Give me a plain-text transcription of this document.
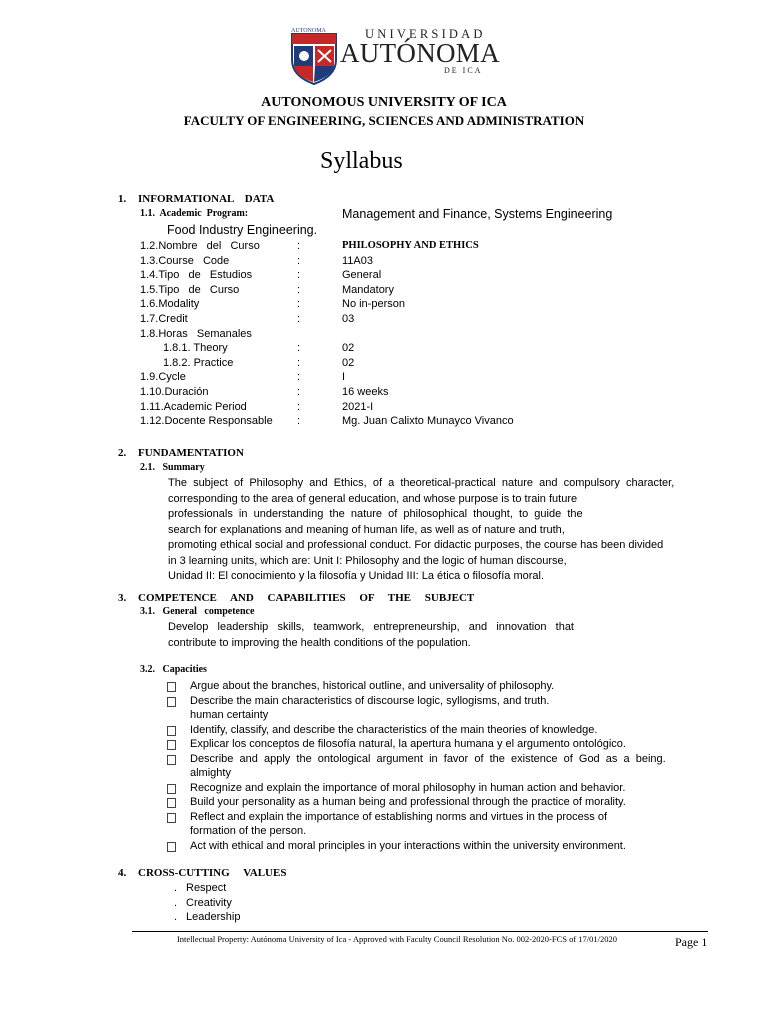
AUTONOMA	UNIVERSIDAD
AUTÓNOMA
DE ICA
AUTONOMOUS UNIVERSITY OF ICA
FACULTY OF ENGINEERING, SCIENCES AND ADMINISTRATION
Syllabus
1. INFORMATIONAL    DATA
1.1.  Academic  Program:	Management and Finance, Systems Engineering
Food Industry Engineering.
1.2.Nombre   del   Curso	:	PHILOSOPHY AND ETHICS
1.3.Course   Code	:	11A03
1.4.Tipo   de   Estudios	:	General
1.5.Tipo   de   Curso	:	Mandatory
1.6.Modality	:	No in-person
1.7.Credit	:	03
1.8.Horas   Semanales
1.8.1. Theory	:	02
1.8.2. Practice	:	02
1.9.Cycle	:	I
1.10.Duración	:	16 weeks
1.11.Academic Period	:	2021-I
1.12.Docente Responsable :	Mg. Juan Calixto Munayco Vivanco
2. FUNDAMENTATION
2.1.   Summary
The  subject  of  Philosophy  and  Ethics,  of  a  theoretical-practical  nature  and  compulsory  character,
corresponding to the area of general education, and whose purpose is to train future
professionals  in  understanding  the  nature  of  philosophical  thought,  to  guide  the
search for explanations and meaning of human life, as well as of nature and truth,
promoting ethical social and professional conduct. For didactic purposes, the course has been divided
in 3 learning units, which are: Unit I: Philosophy and the logic of human discourse,
Unidad II: El conocimiento y la filosofía y Unidad III: La ética o filosofía moral.
3. COMPETENCE     AND     CAPABILITIES     OF     THE     SUBJECT
3.1.   General   competence
Develop   leadership   skills,   teamwork,   entrepreneurship,   and   innovation   that
contribute to improving the health conditions of the population.
3.2.   Capacities
Argue about the branches, historical outline, and universality of philosophy.
Describe the main characteristics of discourse logic, syllogisms, and truth.
human certainty
Identify, classify, and describe the characteristics of the main theories of knowledge.
Explicar los conceptos de filosofía natural, la apertura humana y el argumento ontológico.
Describe  and  apply  the  ontological  argument  in  favor  of  the  existence  of  God  as  a  being.
almighty
Recognize and explain the importance of moral philosophy in human action and behavior.
Build your personality as a human being and professional through the practice of morality.
Reflect and explain the importance of establishing norms and virtues in the process of
formation of the person.
Act with ethical and moral principles in your interactions within the university environment.
4. CROSS-CUTTING     VALUES
. Respect
. Creativity
. Leadership
Intellectual Property: Autónoma University of Ica - Approved with Faculty Council Resolution No. 002-2020-FCS of 17/01/2020	Page 1
